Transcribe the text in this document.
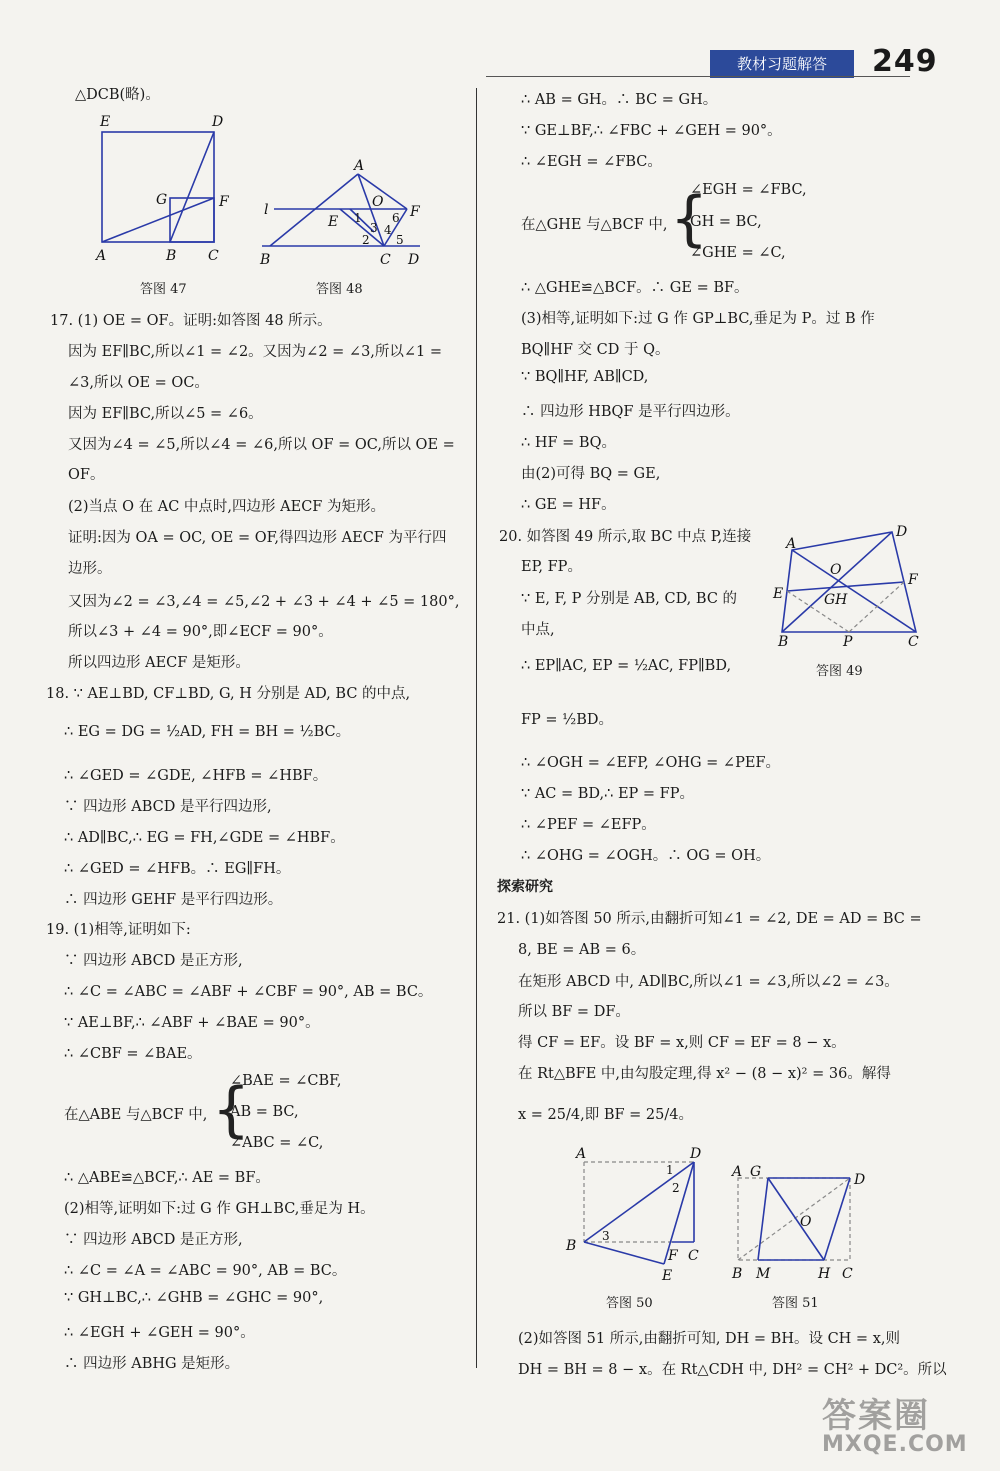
教材习题解答	249
E	D
G	F
A	B C
答图 47
A
l
E
O
F
B	C D
1
2
3 4
5
6
答图 48
△DCB(略)。
17. (1) OE = OF。证明:如答图 48 所示。
因为 EF∥BC,所以∠1 = ∠2。又因为∠2 = ∠3,所以∠1 =
∠3,所以 OE = OC。
因为 EF∥BC,所以∠5 = ∠6。
又因为∠4 = ∠5,所以∠4 = ∠6,所以 OF = OC,所以 OE =
OF。
(2)当点 O 在 AC 中点时,四边形 AECF 为矩形。
证明:因为 OA = OC, OE = OF,得四边形 AECF 为平行四
边形。
又因为∠2 = ∠3,∠4 = ∠5,∠2 + ∠3 + ∠4 + ∠5 = 180°,
所以∠3 + ∠4 = 90°,即∠ECF = 90°。
所以四边形 AECF 是矩形。
18. ∵ AE⊥BD, CF⊥BD, G, H 分别是 AD, BC 的中点,
∴ EG = DG = ½AD, FH = BH = ½BC。
∴ ∠GED = ∠GDE, ∠HFB = ∠HBF。
∵ 四边形 ABCD 是平行四边形,
∴ AD∥BC,∴ EG = FH,∠GDE = ∠HBF。
∴ ∠GED = ∠HFB。∴ EG∥FH。
∴ 四边形 GEHF 是平行四边形。
19. (1)相等,证明如下:
∵ 四边形 ABCD 是正方形,
∴ ∠C = ∠ABC = ∠ABF + ∠CBF = 90°, AB = BC。
∵ AE⊥BF,∴ ∠ABF + ∠BAE = 90°。
∴ ∠CBF = ∠BAE。
在△ABE 与△BCF 中, {
∠BAE = ∠CBF,
AB = BC,
∠ABC = ∠C,
∴ △ABE≌△BCF,∴ AE = BF。
(2)相等,证明如下:过 G 作 GH⊥BC,垂足为 H。
∵ 四边形 ABCD 是正方形,
∴ ∠C = ∠A = ∠ABC = 90°, AB = BC。
∵ GH⊥BC,∴ ∠GHB = ∠GHC = 90°,
∴ ∠EGH + ∠GEH = 90°。
∴ 四边形 ABHG 是矩形。
∴ AB = GH。∴ BC = GH。
∵ GE⊥BF,∴ ∠FBC + ∠GEH = 90°。
∴ ∠EGH = ∠FBC。
在△GHE 与△BCF 中, {
∠EGH = ∠FBC,
GH = BC,
∠GHE = ∠C,
∴ △GHE≌△BCF。∴ GE = BF。
(3)相等,证明如下:过 G 作 GP⊥BC,垂足为 P。过 B 作
BQ∥HF 交 CD 于 Q。
∵ BQ∥HF, AB∥CD,
∴ 四边形 HBQF 是平行四边形。
∴ HF = BQ。
由(2)可得 BQ = GE,
∴ GE = HF。
20. 如答图 49 所示,取 BC 中点 P,连接
EP, FP。
∵ E, F, P 分别是 AB, CD, BC 的
中点,
∴ EP∥AC, EP = ½AC, FP∥BD,
FP = ½BD。
∴ ∠OGH = ∠EFP, ∠OHG = ∠PEF。
∵ AC = BD,∴ EP = FP。
∴ ∠PEF = ∠EFP。
∴ ∠OHG = ∠OGH。∴ OG = OH。
探索研究
21. (1)如答图 50 所示,由翻折可知∠1 = ∠2, DE = AD = BC =
8, BE = AB = 6。
在矩形 ABCD 中, AD∥BC,所以∠1 = ∠3,所以∠2 = ∠3。
所以 BF = DF。
得 CF = EF。设 BF = x,则 CF = EF = 8 − x。
在 Rt△BFE 中,由勾股定理,得 x² − (8 − x)² = 36。解得
x = 25/4,即 BF = 25/4。
(2)如答图 51 所示,由翻折可知, DH = BH。设 CH = x,则
DH = BH = 8 − x。在 Rt△CDH 中, DH² = CH² + DC²。所以
A
D
O
F
E	GH
B	P	C
答图 49
A	D
1
2
3
B
F C
E
答图 50
A G	D
O
B M	H C
答图 51
答案圈
MXQE.COM
